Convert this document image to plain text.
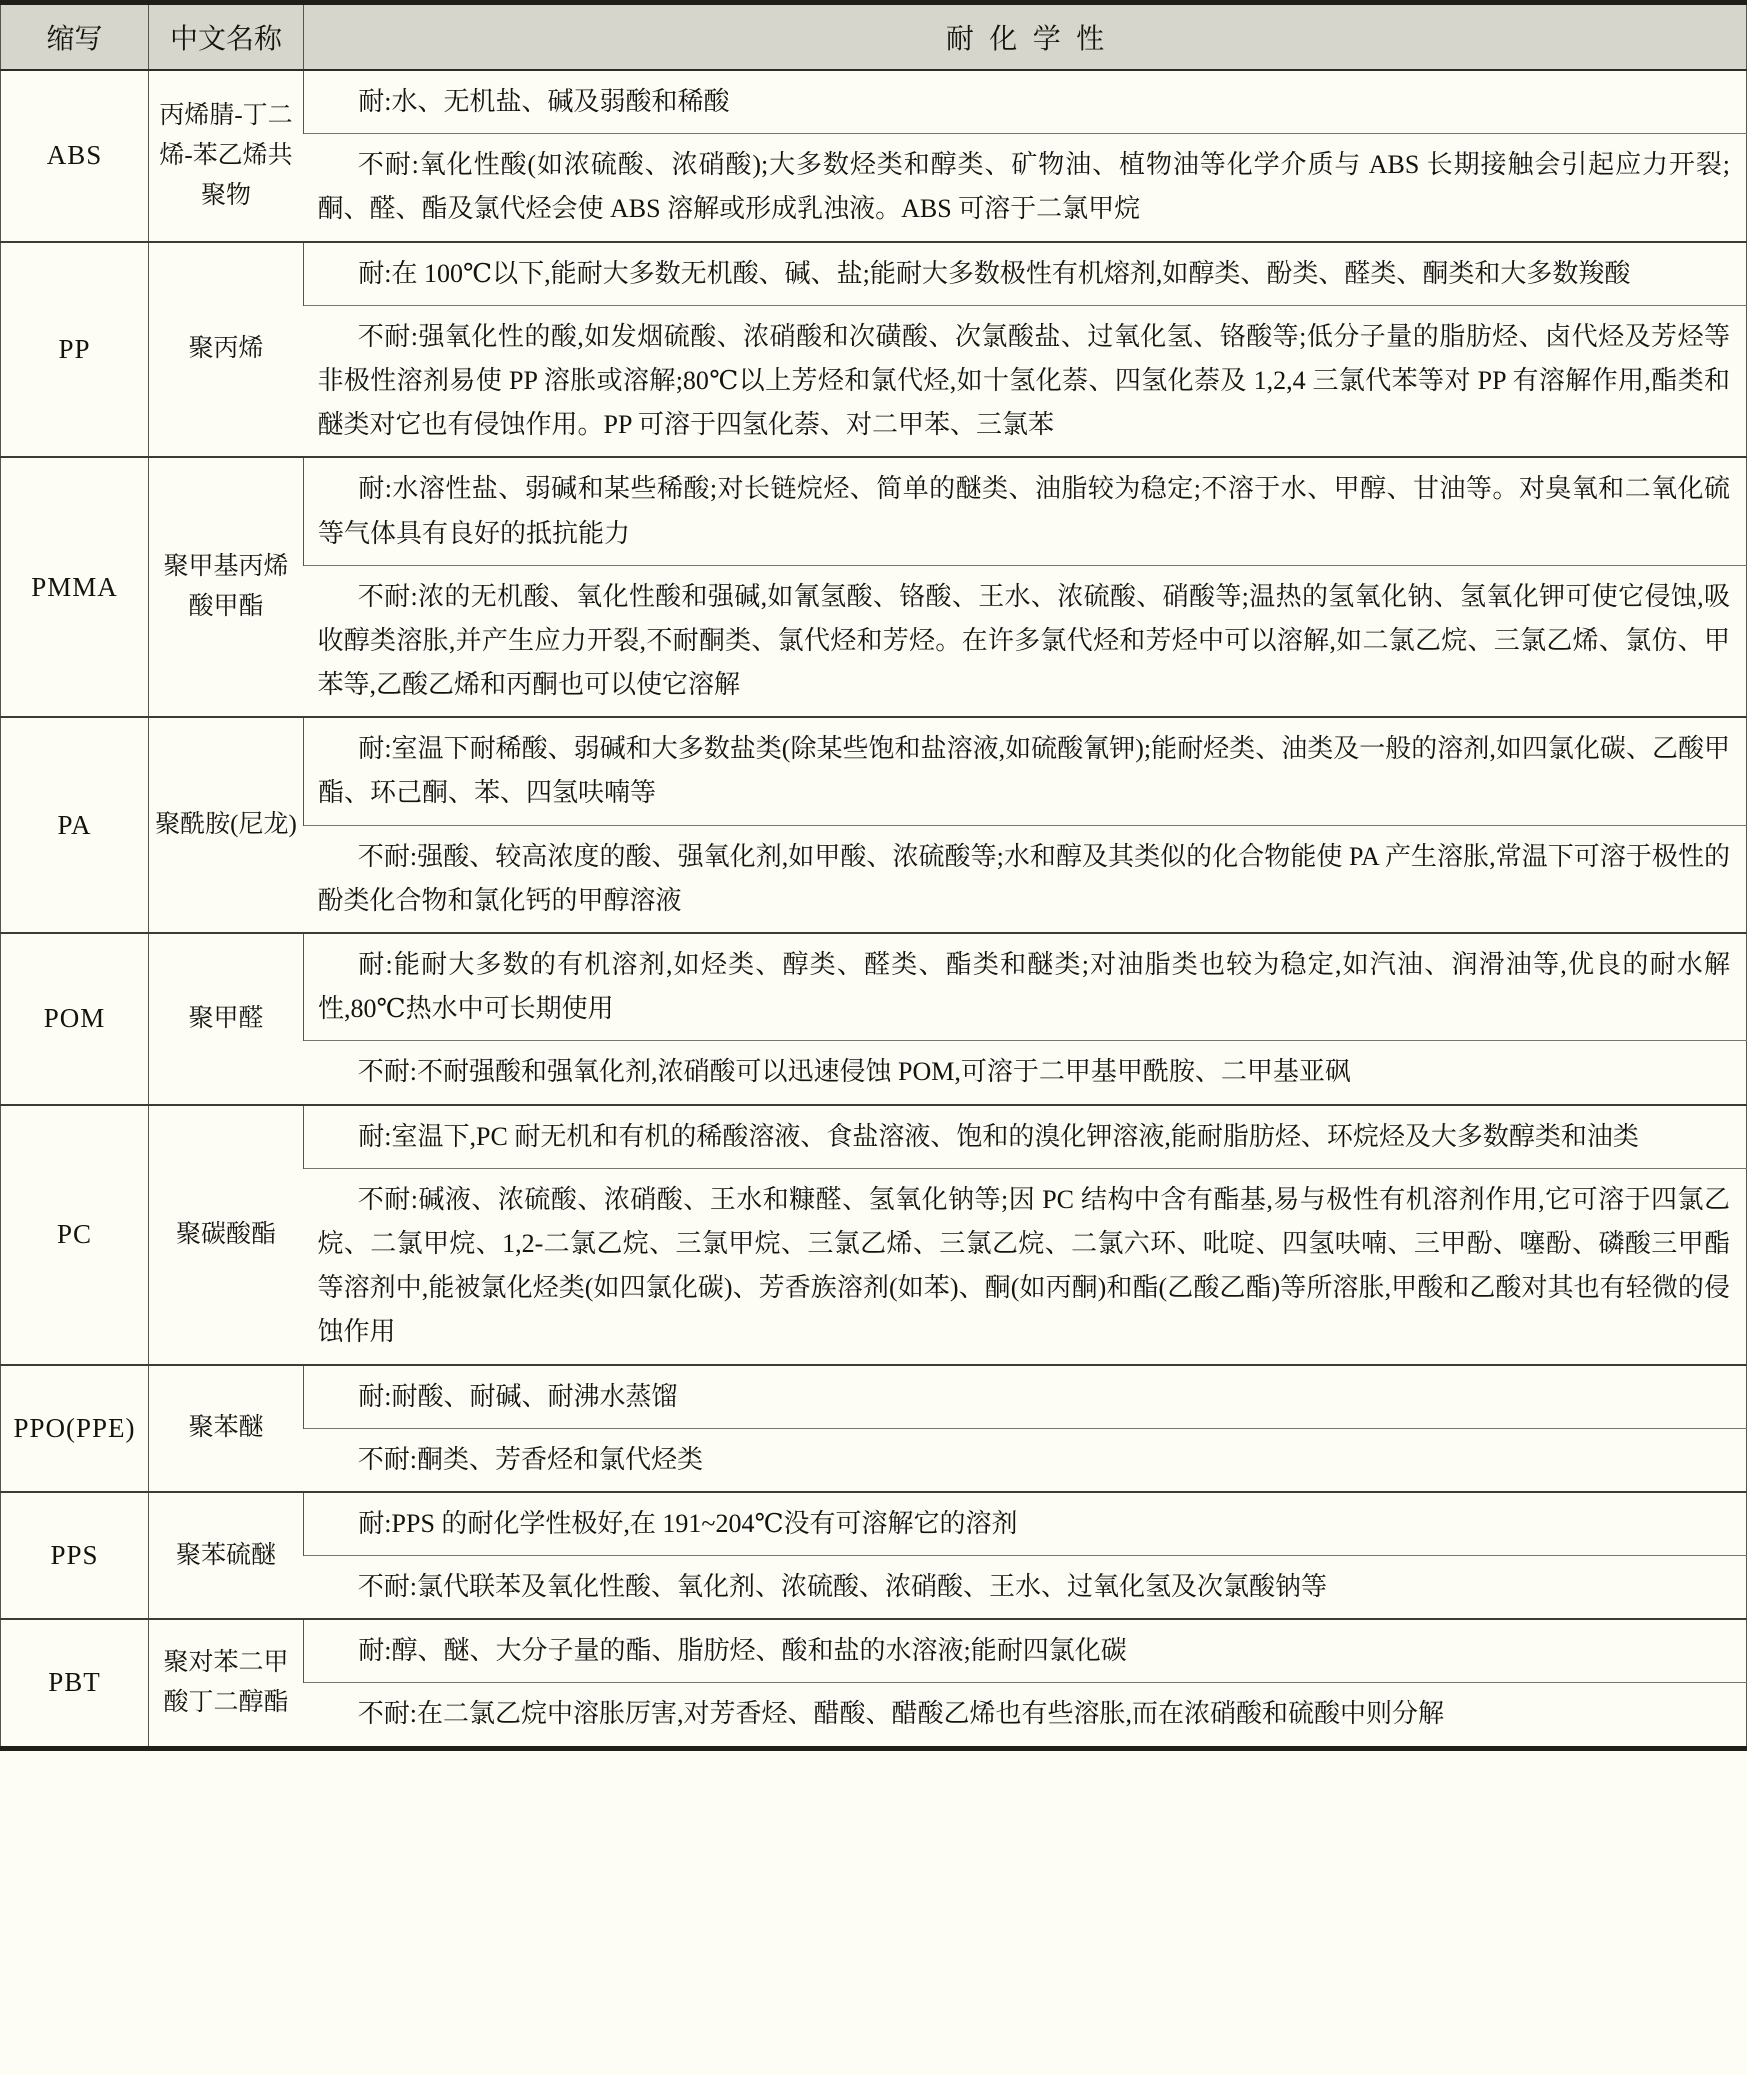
缩写	中文名称	耐化学性
ABS	丙烯腈-丁二烯-苯乙烯共聚物	耐:水、无机盐、碱及弱酸和稀酸

		不耐:氧化性酸(如浓硫酸、浓硝酸);大多数烃类和醇类、矿物油、植物油等化学介质与 ABS 长期接触会引起应力开裂;酮、醛、酯及氯代烃会使 ABS 溶解或形成乳浊液。ABS 可溶于二氯甲烷

PP	聚丙烯	耐:在 100℃以下,能耐大多数无机酸、碱、盐;能耐大多数极性有机熔剂,如醇类、酚类、醛类、酮类和大多数羧酸

		不耐:强氧化性的酸,如发烟硫酸、浓硝酸和次磺酸、次氯酸盐、过氧化氢、铬酸等;低分子量的脂肪烃、卤代烃及芳烃等非极性溶剂易使 PP 溶胀或溶解;80℃以上芳烃和氯代烃,如十氢化萘、四氢化萘及 1,2,4 三氯代苯等对 PP 有溶解作用,酯类和醚类对它也有侵蚀作用。PP 可溶于四氢化萘、对二甲苯、三氯苯

PMMA	聚甲基丙烯酸甲酯	耐:水溶性盐、弱碱和某些稀酸;对长链烷烃、简单的醚类、油脂较为稳定;不溶于水、甲醇、甘油等。对臭氧和二氧化硫等气体具有良好的抵抗能力

		不耐:浓的无机酸、氧化性酸和强碱,如氰氢酸、铬酸、王水、浓硫酸、硝酸等;温热的氢氧化钠、氢氧化钾可使它侵蚀,吸收醇类溶胀,并产生应力开裂,不耐酮类、氯代烃和芳烃。在许多氯代烃和芳烃中可以溶解,如二氯乙烷、三氯乙烯、氯仿、甲苯等,乙酸乙烯和丙酮也可以使它溶解

PA	聚酰胺(尼龙)	耐:室温下耐稀酸、弱碱和大多数盐类(除某些饱和盐溶液,如硫酸氰钾);能耐烃类、油类及一般的溶剂,如四氯化碳、乙酸甲酯、环己酮、苯、四氢呋喃等

		不耐:强酸、较高浓度的酸、强氧化剂,如甲酸、浓硫酸等;水和醇及其类似的化合物能使 PA 产生溶胀,常温下可溶于极性的酚类化合物和氯化钙的甲醇溶液

POM	聚甲醛	耐:能耐大多数的有机溶剂,如烃类、醇类、醛类、酯类和醚类;对油脂类也较为稳定,如汽油、润滑油等,优良的耐水解性,80℃热水中可长期使用

		不耐:不耐强酸和强氧化剂,浓硝酸可以迅速侵蚀 POM,可溶于二甲基甲酰胺、二甲基亚砜

PC	聚碳酸酯	耐:室温下,PC 耐无机和有机的稀酸溶液、食盐溶液、饱和的溴化钾溶液,能耐脂肪烃、环烷烃及大多数醇类和油类

		不耐:碱液、浓硫酸、浓硝酸、王水和糠醛、氢氧化钠等;因 PC 结构中含有酯基,易与极性有机溶剂作用,它可溶于四氯乙烷、二氯甲烷、1,2-二氯乙烷、三氯甲烷、三氯乙烯、三氯乙烷、二氯六环、吡啶、四氢呋喃、三甲酚、噻酚、磷酸三甲酯等溶剂中,能被氯化烃类(如四氯化碳)、芳香族溶剂(如苯)、酮(如丙酮)和酯(乙酸乙酯)等所溶胀,甲酸和乙酸对其也有轻微的侵蚀作用

PPO(PPE)	聚苯醚	耐:耐酸、耐碱、耐沸水蒸馏

		不耐:酮类、芳香烃和氯代烃类

PPS	聚苯硫醚	耐:PPS 的耐化学性极好,在 191~204℃没有可溶解它的溶剂

		不耐:氯代联苯及氧化性酸、氧化剂、浓硫酸、浓硝酸、王水、过氧化氢及次氯酸钠等

PBT	聚对苯二甲酸丁二醇酯	耐:醇、醚、大分子量的酯、脂肪烃、酸和盐的水溶液;能耐四氯化碳

		不耐:在二氯乙烷中溶胀厉害,对芳香烃、醋酸、醋酸乙烯也有些溶胀,而在浓硝酸和硫酸中则分解
